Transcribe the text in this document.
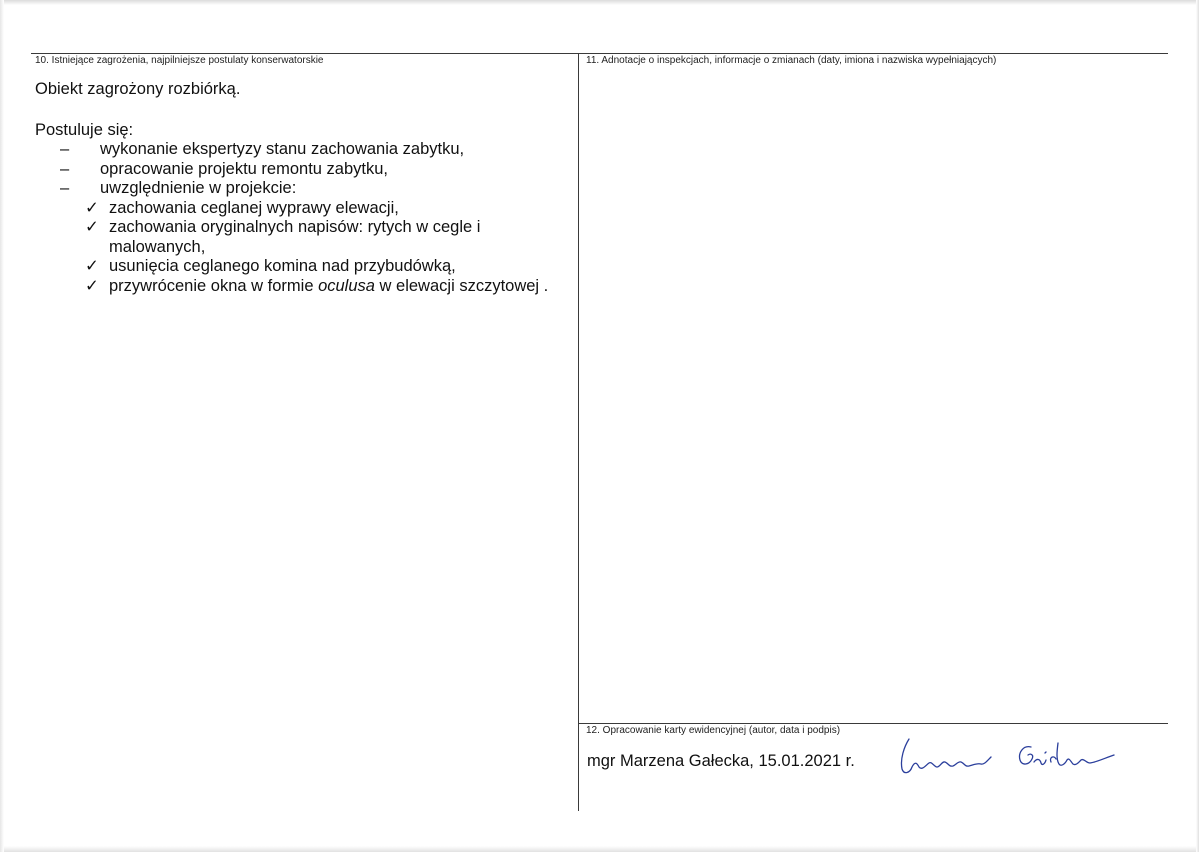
10. Istniejące zagrożenia, najpilniejsze postulaty konserwatorskie	11. Adnotacje o inspekcjach, informacje o zmianach (daty, imiona i nazwiska wypełniających)
12. Opracowanie karty ewidencyjnej (autor, data i podpis)

Obiekt zagrożony rozbiórką.

Postuluje się:

– wykonanie ekspertyzy stanu zachowania zabytku,
– opracowanie projektu remontu zabytku,
– uwzględnienie w projekcie:
✓ zachowania ceglanej wyprawy elewacji,
✓ zachowania oryginalnych napisów: rytych w cegle i malowanych,
✓ usunięcia ceglanego komina nad przybudówką,
✓ przywrócenie okna w formie oculusa w elewacji szczytowej .
mgr Marzena Gałecka, 15.01.2021 r.
